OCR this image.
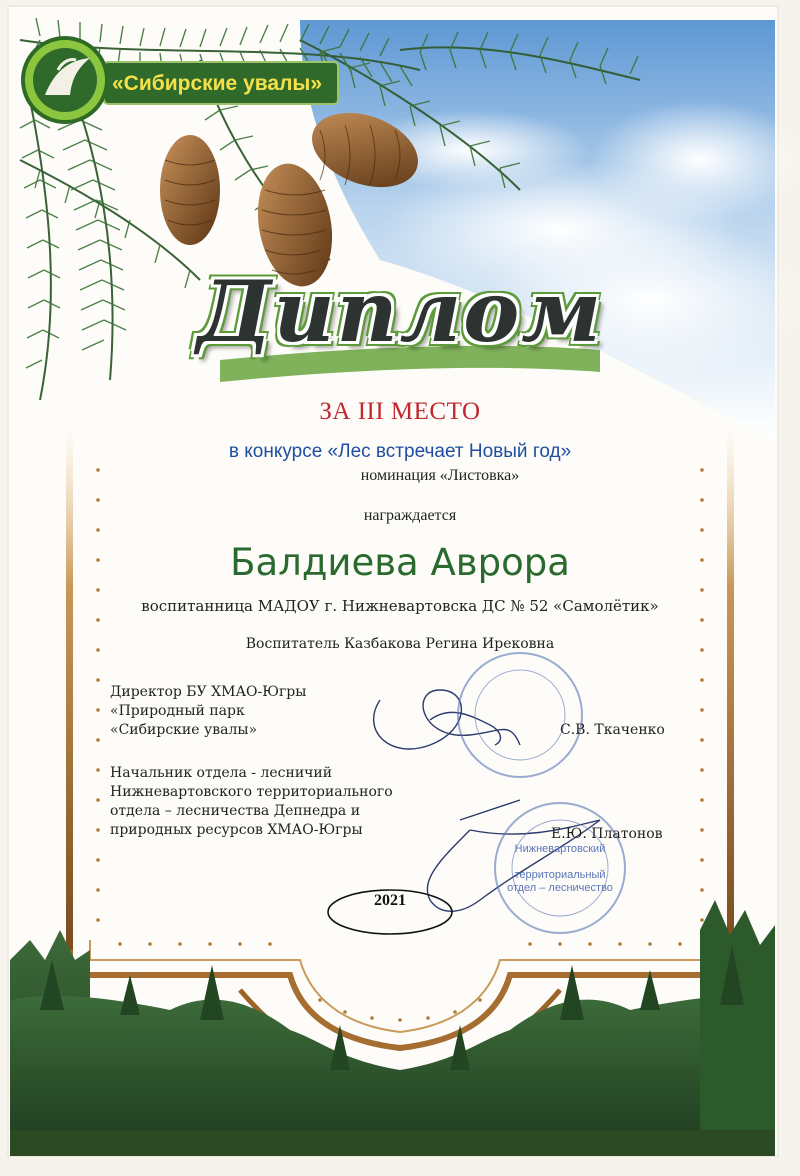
«Сибирские увалы»
Диплом
ЗА III МЕСТО
в конкурсе «Лес встречает Новый год»
номинация «Листовка»
награждается
Балдиева Аврора
воспитанница МАДОУ г. Нижневартовска ДС № 52 «Самолётик»
Воспитатель Казбакова Регина Ирековна
Директор БУ ХМАО-Югры
«Природный парк
«Сибирские увалы»	С.В. Ткаченко
Начальник отдела - лесничий
Нижневартовского территориального
отдела – лесничества Депнедра и
природных ресурсов ХМАО-Югры	Е.Ю. Платонов
Нижневартовский
территориальный отдел – лесничество
2021
